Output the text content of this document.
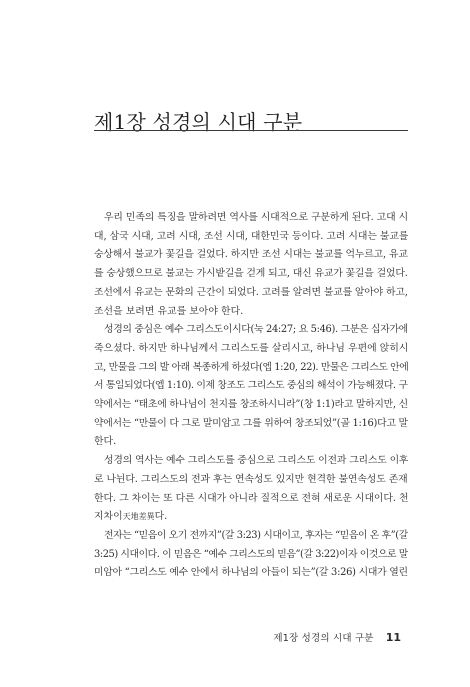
제1장 성경의 시대 구분
우리 민족의 특징을 말하려면 역사를 시대적으로 구분하게 된다. 고대 시
대, 삼국 시대, 고려 시대, 조선 시대, 대한민국 등이다. 고려 시대는 불교를
숭상해서 불교가 꽃길을 걸었다. 하지만 조선 시대는 불교를 억누르고, 유교
를 숭상했으므로 불교는 가시밭길을 걷게 되고, 대신 유교가 꽃길을 걸었다.
조선에서 유교는 문화의 근간이 되었다. 고려를 알려면 불교를 알아야 하고,
조선을 보려면 유교를 보아야 한다.
성경의 중심은 예수 그리스도이시다(눅 24:27; 요 5:46). 그분은 십자가에
죽으셨다. 하지만 하나님께서 그리스도를 살리시고, 하나님 우편에 앉히시
고, 만물을 그의 발 아래 복종하게 하셨다(엡 1:20, 22). 만물은 그리스도 안에
서 통일되었다(엡 1:10). 이제 창조도 그리스도 중심의 해석이 가능해졌다. 구
약에서는 “태초에 하나님이 천지를 창조하시니라”(창 1:1)라고 말하지만, 신
약에서는 “만물이 다 그로 말미암고 그를 위하여 창조되었”(골 1:16)다고 말
한다.
성경의 역사는 예수 그리스도를 중심으로 그리스도 이전과 그리스도 이후
로 나뉜다. 그리스도의 전과 후는 연속성도 있지만 현격한 불연속성도 존재
한다. 그 차이는 또 다른 시대가 아니라 질적으로 전혀 새로운 시대이다. 천
지차이天地差異다.
전자는 “믿음이 오기 전까지”(갈 3:23) 시대이고, 후자는 “믿음이 온 후”(갈
3:25) 시대이다. 이 믿음은 “예수 그리스도의 믿음”(갈 3:22)이자 이것으로 말
미암아 “그리스도 예수 안에서 하나님의 아들이 되는”(갈 3:26) 시대가 열린
제1장 성경의 시대 구분 11
